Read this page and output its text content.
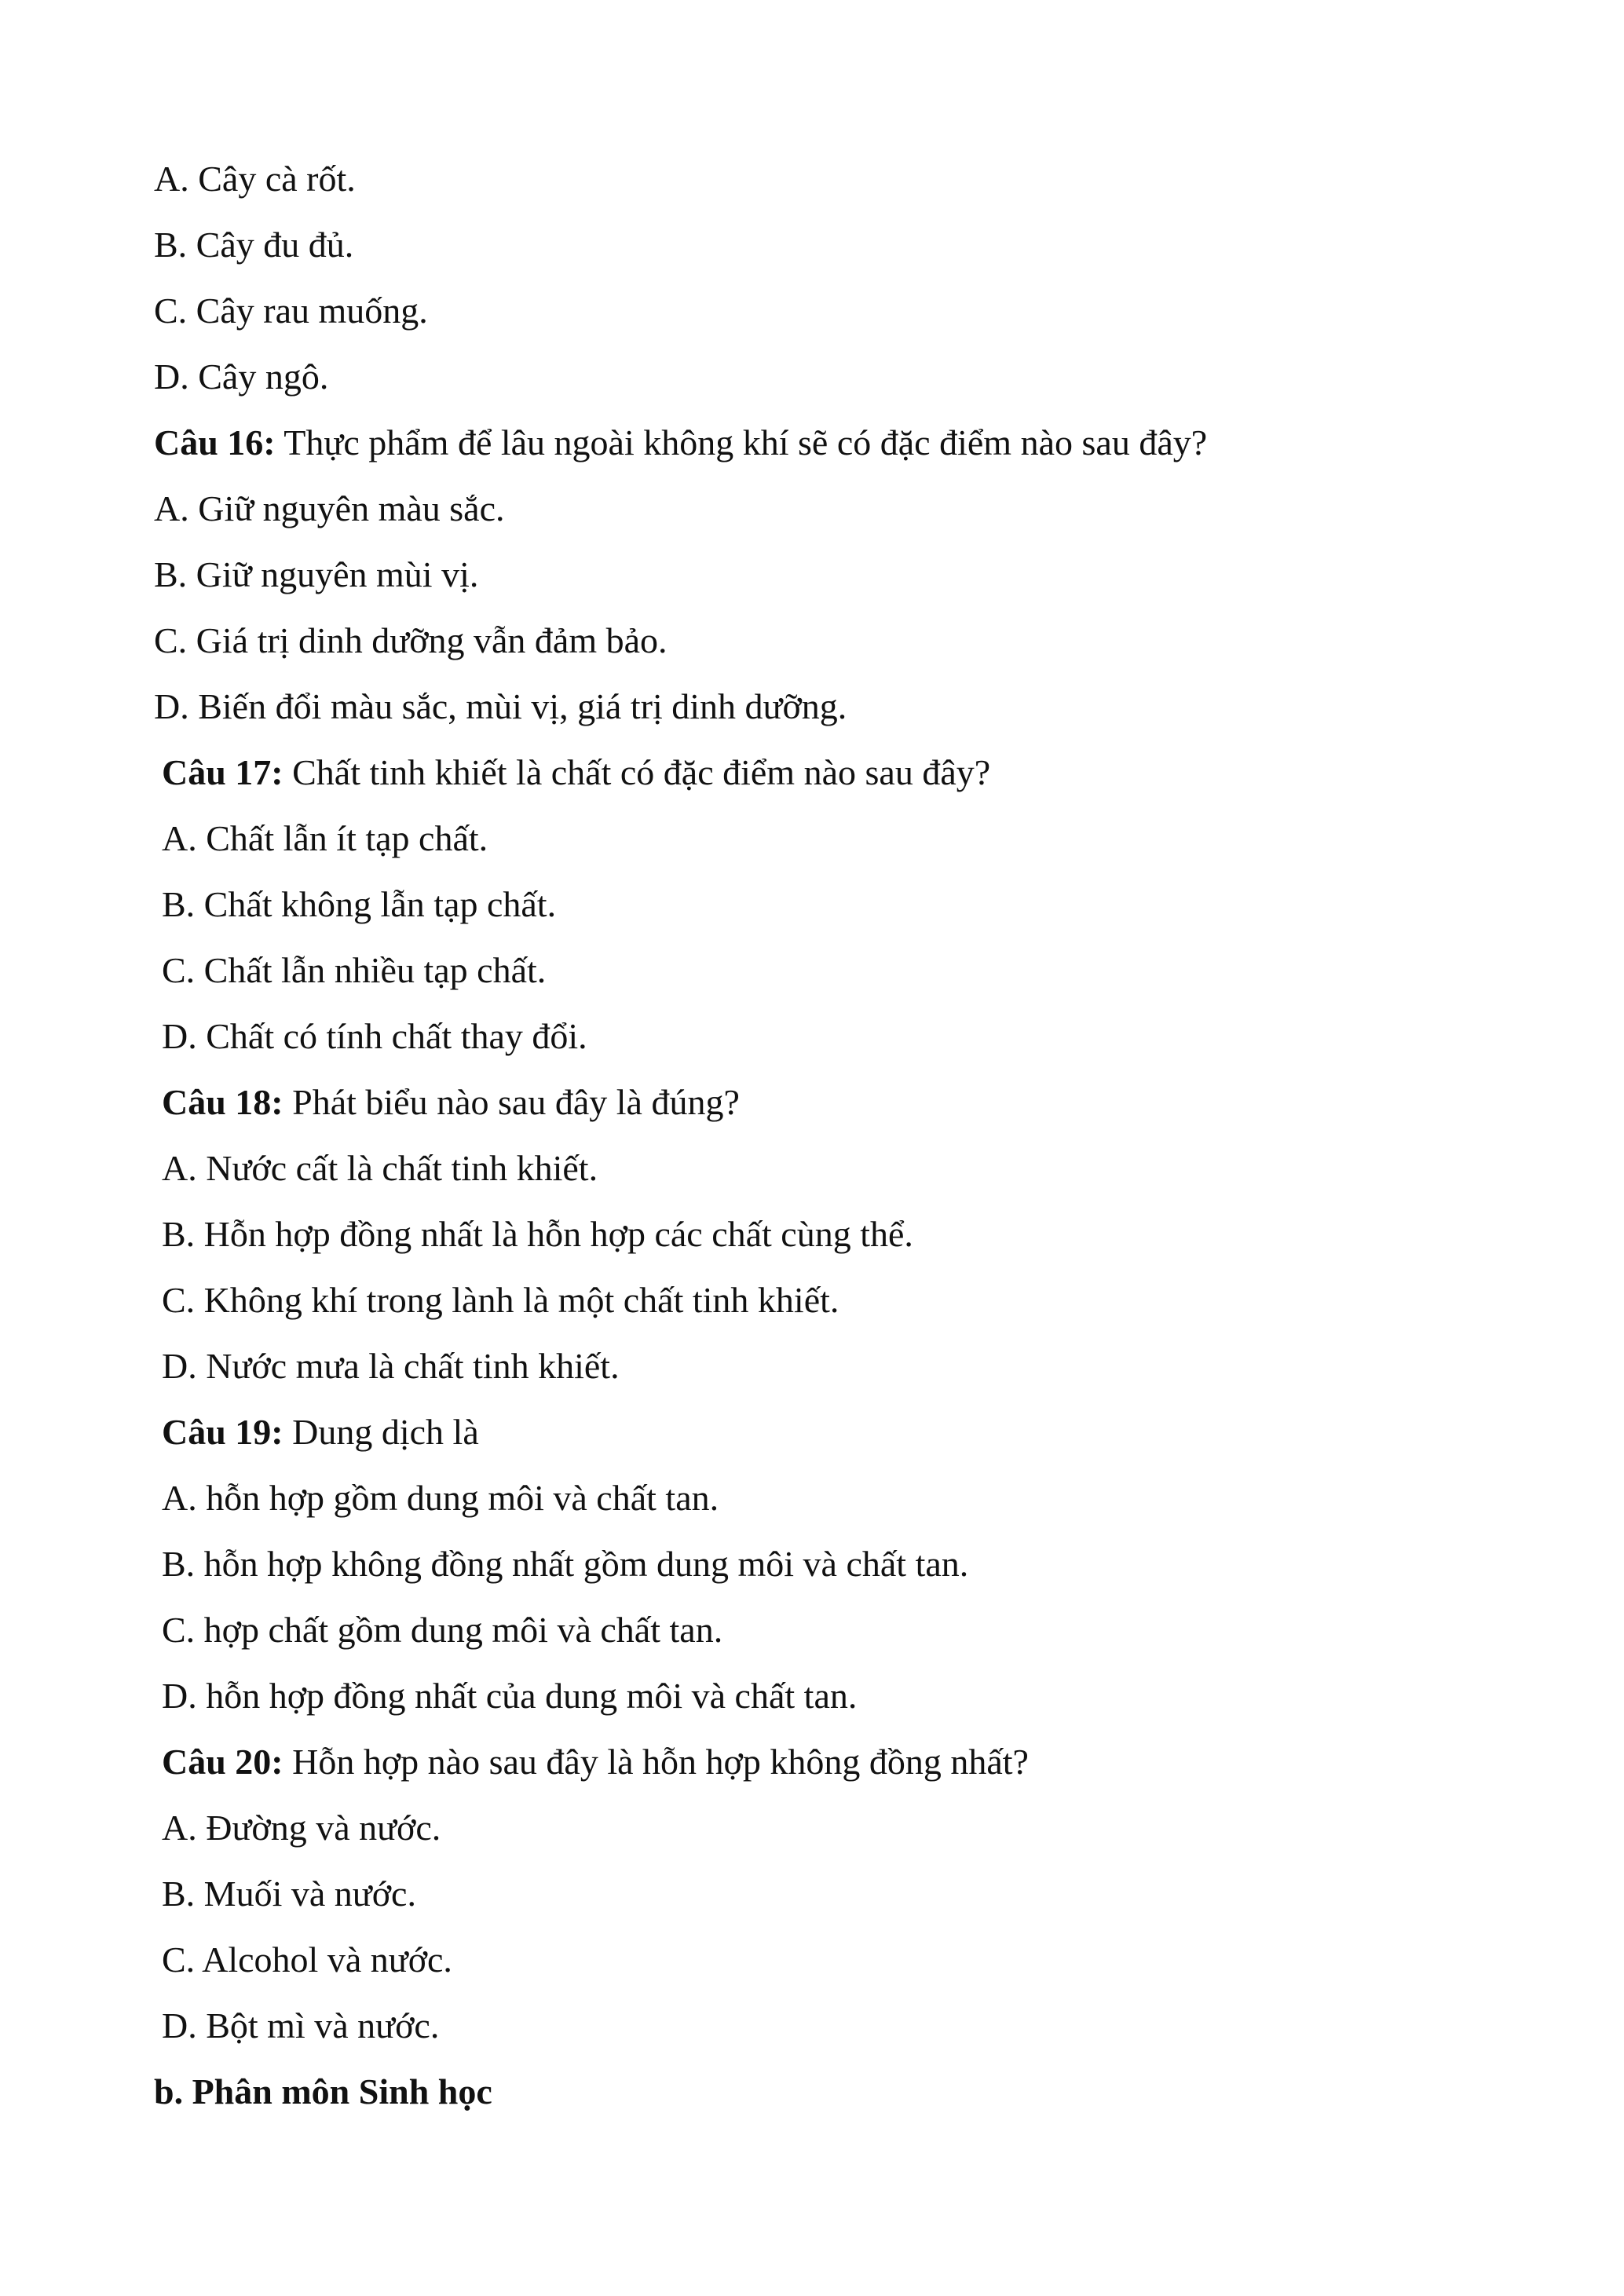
A. Cây cà rốt.
B. Cây đu đủ.
C. Cây rau muống.
D. Cây ngô.
Câu 16: Thực phẩm để lâu ngoài không khí sẽ có đặc điểm nào sau đây?
A. Giữ nguyên màu sắc.
B. Giữ nguyên mùi vị.
C. Giá trị dinh dưỡng vẫn đảm bảo.
D. Biến đổi màu sắc, mùi vị, giá trị dinh dưỡng.
Câu 17: Chất tinh khiết là chất có đặc điểm nào sau đây?
A. Chất lẫn ít tạp chất.
B. Chất không lẫn tạp chất.
C. Chất lẫn nhiều tạp chất.
D. Chất có tính chất thay đổi.
Câu 18: Phát biểu nào sau đây là đúng?
A. Nước cất là chất tinh khiết.
B. Hỗn hợp đồng nhất là hỗn hợp các chất cùng thể.
C. Không khí trong lành là một chất tinh khiết.
D. Nước mưa là chất tinh khiết.
Câu 19: Dung dịch là
A. hỗn hợp gồm dung môi và chất tan.
B. hỗn hợp không đồng nhất gồm dung môi và chất tan.
C. hợp chất gồm dung môi và chất tan.
D. hỗn hợp đồng nhất của dung môi và chất tan.
Câu 20: Hỗn hợp nào sau đây là hỗn hợp không đồng nhất?
A. Đường và nước.
B. Muối và nước.
C. Alcohol và nước.
D. Bột mì và nước.
b. Phân môn Sinh học
